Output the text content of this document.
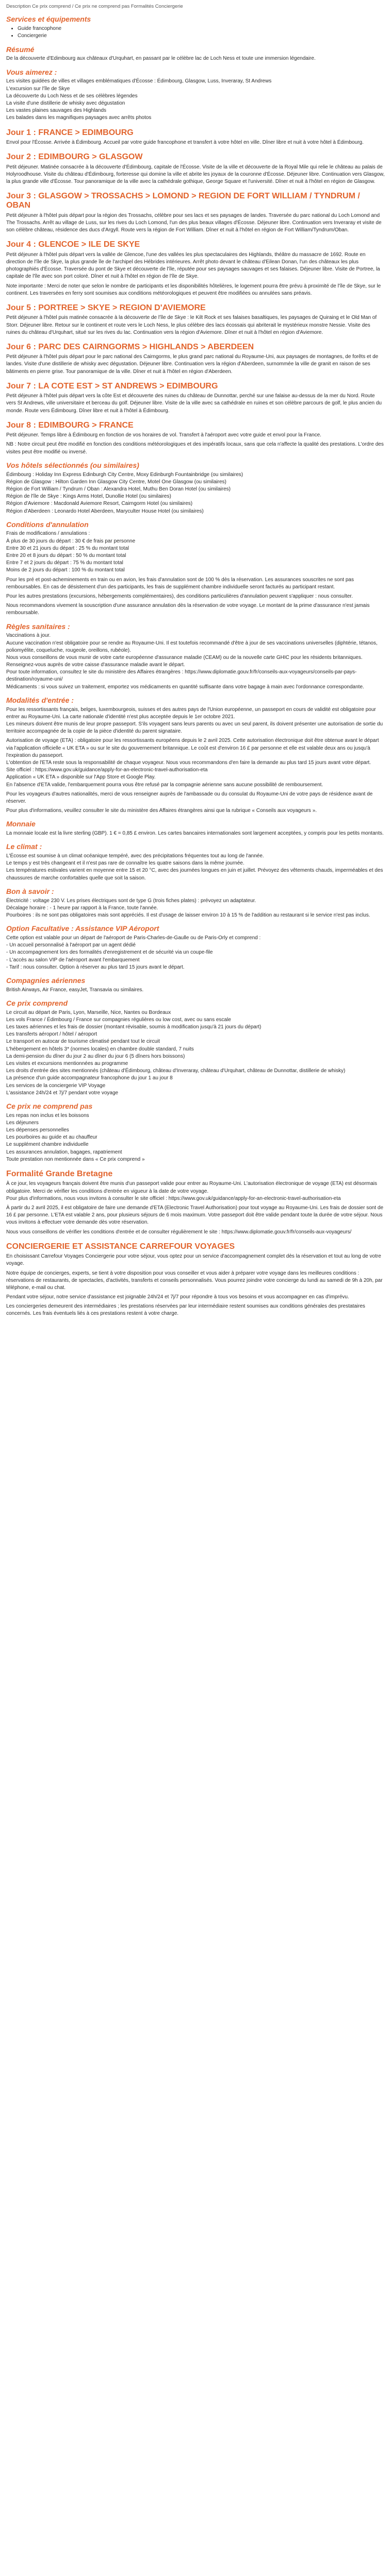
Description Ce prix comprend / Ce prix ne comprend pas Formalités Conciergerie
Services et équipements
• Guide francophone
• Conciergerie
Résumé

De la découverte d'Edimbourg aux châteaux d'Urquhart, en passant par le célèbre lac de Loch Ness et toute une immersion légendaire.

Vous aimerez :

Les visites guidées de villes et villages emblématiques d'Écosse : Édimbourg, Glasgow, Luss, Inveraray, St Andrews
L'excursion sur l'île de Skye
La découverte du Loch Ness et de ses célèbres légendes
La visite d'une distillerie de whisky avec dégustation
Les vastes plaines sauvages des Highlands
Les balades dans les magnifiques paysages avec arrêts photos

Jour 1 : FRANCE > EDIMBOURG

Envol pour l'Écosse. Arrivée à Édimbourg. Accueil par votre guide francophone et transfert à votre hôtel en ville. Dîner libre et nuit à votre hôtel à Édimbourg.

Jour 2 : EDIMBOURG > GLASGOW

Petit déjeuner. Matinée consacrée à la découverte d'Édimbourg, capitale de l'Écosse. Visite de la ville et découverte de la Royal Mile qui relie le château au palais de Holyroodhouse. Visite du château d'Édimbourg, forteresse qui domine la ville et abrite les joyaux de la couronne d'Écosse. Déjeuner libre. Continuation vers Glasgow, la plus grande ville d'Écosse. Tour panoramique de la ville avec la cathédrale gothique, George Square et l'université. Dîner et nuit à l'hôtel en région de Glasgow.

Jour 3 : GLASGOW > TROSSACHS > LOMOND > REGION DE FORT WILLIAM / TYNDRUM / OBAN

Petit déjeuner à l'hôtel puis départ pour la région des Trossachs, célèbre pour ses lacs et ses paysages de landes. Traversée du parc national du Loch Lomond and The Trossachs. Arrêt au village de Luss, sur les rives du Loch Lomond, l'un des plus beaux villages d'Écosse. Déjeuner libre. Continuation vers Inveraray et visite de son célèbre château, résidence des ducs d'Argyll. Route vers la région de Fort William. Dîner et nuit à l'hôtel en région de Fort William/Tyndrum/Oban.

Jour 4 : GLENCOE > ILE DE SKYE

Petit déjeuner à l'hôtel puis départ vers la vallée de Glencoe, l'une des vallées les plus spectaculaires des Highlands, théâtre du massacre de 1692. Route en direction de l'île de Skye, la plus grande île de l'archipel des Hébrides intérieures. Arrêt photo devant le château d'Eilean Donan, l'un des châteaux les plus photographiés d'Écosse. Traversée du pont de Skye et découverte de l'île, réputée pour ses paysages sauvages et ses falaises. Déjeuner libre. Visite de Portree, la capitale de l'île avec son port coloré. Dîner et nuit à l'hôtel en région de l'île de Skye.

Note importante : Merci de noter que selon le nombre de participants et les disponibilités hôtelières, le logement pourra être prévu à proximité de l'île de Skye, sur le continent. Les traversées en ferry sont soumises aux conditions météorologiques et peuvent être modifiées ou annulées sans préavis.

Jour 5 : PORTREE > SKYE > REGION D'AVIEMORE

Petit déjeuner à l'hôtel puis matinée consacrée à la découverte de l'île de Skye : le Kilt Rock et ses falaises basaltiques, les paysages de Quiraing et le Old Man of Storr. Déjeuner libre. Retour sur le continent et route vers le Loch Ness, le plus célèbre des lacs écossais qui abriterait le mystérieux monstre Nessie. Visite des ruines du château d'Urquhart, situé sur les rives du lac. Continuation vers la région d'Aviemore. Dîner et nuit à l'hôtel en région d'Aviemore.

Jour 6 : PARC DES CAIRNGORMS > HIGHLANDS > ABERDEEN

Petit déjeuner à l'hôtel puis départ pour le parc national des Cairngorms, le plus grand parc national du Royaume-Uni, aux paysages de montagnes, de forêts et de landes. Visite d'une distillerie de whisky avec dégustation. Déjeuner libre. Continuation vers la région d'Aberdeen, surnommée la ville de granit en raison de ses bâtiments en pierre grise. Tour panoramique de la ville. Dîner et nuit à l'hôtel en région d'Aberdeen.

Jour 7 : LA COTE EST > ST ANDREWS > EDIMBOURG

Petit déjeuner à l'hôtel puis départ vers la côte Est et découverte des ruines du château de Dunnottar, perché sur une falaise au-dessus de la mer du Nord. Route vers St Andrews, ville universitaire et berceau du golf. Déjeuner libre. Visite de la ville avec sa cathédrale en ruines et son célèbre parcours de golf, le plus ancien du monde. Route vers Édimbourg. Dîner libre et nuit à l'hôtel à Édimbourg.

Jour 8 : EDIMBOURG > FRANCE

Petit déjeuner. Temps libre à Édimbourg en fonction de vos horaires de vol. Transfert à l'aéroport avec votre guide et envol pour la France.

NB : Notre circuit peut être modifié en fonction des conditions météorologiques et des impératifs locaux, sans que cela n'affecte la qualité des prestations. L'ordre des visites peut être modifié ou inversé.

Vos hôtels sélectionnés (ou similaires)

Édimbourg : Holiday Inn Express Edinburgh City Centre, Moxy Edinburgh Fountainbridge (ou similaires)
Région de Glasgow : Hilton Garden Inn Glasgow City Centre, Motel One Glasgow (ou similaires)
Région de Fort William / Tyndrum / Oban : Alexandra Hotel, Muthu Ben Doran Hotel (ou similaires)
Région de l'île de Skye : Kings Arms Hotel, Dunollie Hotel (ou similaires)
Région d'Aviemore : Macdonald Aviemore Resort, Cairngorm Hotel (ou similaires)
Région d'Aberdeen : Leonardo Hotel Aberdeen, Maryculter House Hotel (ou similaires)

Conditions d'annulation

Frais de modifications / annulations :
À plus de 30 jours du départ : 30 € de frais par personne
Entre 30 et 21 jours du départ : 25 % du montant total
Entre 20 et 8 jours du départ : 50 % du montant total
Entre 7 et 2 jours du départ : 75 % du montant total
Moins de 2 jours du départ : 100 % du montant total

Pour les pré et post-acheminements en train ou en avion, les frais d'annulation sont de 100 % dès la réservation. Les assurances souscrites ne sont pas remboursables. En cas de désistement d'un des participants, les frais de supplément chambre individuelle seront facturés au participant restant.

Pour les autres prestations (excursions, hébergements complémentaires), des conditions particulières d'annulation peuvent s'appliquer : nous consulter.

Nous recommandons vivement la souscription d'une assurance annulation dès la réservation de votre voyage. Le montant de la prime d'assurance n'est jamais remboursable.

Règles sanitaires :

Vaccinations à jour.
Aucune vaccination n'est obligatoire pour se rendre au Royaume-Uni. Il est toutefois recommandé d'être à jour de ses vaccinations universelles (diphtérie, tétanos, poliomyélite, coqueluche, rougeole, oreillons, rubéole).
Nous vous conseillons de vous munir de votre carte européenne d'assurance maladie (CEAM) ou de la nouvelle carte GHIC pour les résidents britanniques. Renseignez-vous auprès de votre caisse d'assurance maladie avant le départ.
Pour toute information, consultez le site du ministère des Affaires étrangères : https://www.diplomatie.gouv.fr/fr/conseils-aux-voyageurs/conseils-par-pays-destination/royaume-uni/
Médicaments : si vous suivez un traitement, emportez vos médicaments en quantité suffisante dans votre bagage à main avec l'ordonnance correspondante.

Modalités d'entrée :

Pour les ressortissants français, belges, luxembourgeois, suisses et des autres pays de l'Union européenne, un passeport en cours de validité est obligatoire pour entrer au Royaume-Uni. La carte nationale d'identité n'est plus acceptée depuis le 1er octobre 2021.
Les mineurs doivent être munis de leur propre passeport. S'ils voyagent sans leurs parents ou avec un seul parent, ils doivent présenter une autorisation de sortie du territoire accompagnée de la copie de la pièce d'identité du parent signataire.

Autorisation de voyage (ETA) : obligatoire pour les ressortissants européens depuis le 2 avril 2025. Cette autorisation électronique doit être obtenue avant le départ via l'application officielle « UK ETA » ou sur le site du gouvernement britannique. Le coût est d'environ 16 £ par personne et elle est valable deux ans ou jusqu'à l'expiration du passeport.
L'obtention de l'ETA reste sous la responsabilité de chaque voyageur. Nous vous recommandons d'en faire la demande au plus tard 15 jours avant votre départ.
Site officiel : https://www.gov.uk/guidance/apply-for-an-electronic-travel-authorisation-eta
Application « UK ETA » disponible sur l'App Store et Google Play.
En l'absence d'ETA valide, l'embarquement pourra vous être refusé par la compagnie aérienne sans aucune possibilité de remboursement.

Pour les voyageurs d'autres nationalités, merci de vous renseigner auprès de l'ambassade ou du consulat du Royaume-Uni de votre pays de résidence avant de réserver.

Pour plus d'informations, veuillez consulter le site du ministère des Affaires étrangères ainsi que la rubrique « Conseils aux voyageurs ».

Monnaie

La monnaie locale est la livre sterling (GBP). 1 € = 0,85 £ environ. Les cartes bancaires internationales sont largement acceptées, y compris pour les petits montants.

Le climat :

L'Écosse est soumise à un climat océanique tempéré, avec des précipitations fréquentes tout au long de l'année.
Le temps y est très changeant et il n'est pas rare de connaître les quatre saisons dans la même journée.
Les températures estivales varient en moyenne entre 15 et 20 °C, avec des journées longues en juin et juillet. Prévoyez des vêtements chauds, imperméables et des chaussures de marche confortables quelle que soit la saison.

Bon à savoir :

Électricité : voltage 230 V. Les prises électriques sont de type G (trois fiches plates) : prévoyez un adaptateur.
Décalage horaire : - 1 heure par rapport à la France, toute l'année.
Pourboires : ils ne sont pas obligatoires mais sont appréciés. Il est d'usage de laisser environ 10 à 15 % de l'addition au restaurant si le service n'est pas inclus.

Option Facultative : Assistance VIP Aéroport

Cette option est valable pour un départ de l'aéroport de Paris-Charles-de-Gaulle ou de Paris-Orly et comprend :
- Un accueil personnalisé à l'aéroport par un agent dédié
- Un accompagnement lors des formalités d'enregistrement et de sécurité via un coupe-file
- L'accès au salon VIP de l'aéroport avant l'embarquement
- Tarif : nous consulter. Option à réserver au plus tard 15 jours avant le départ.

Compagnies aériennes

British Airways, Air France, easyJet, Transavia ou similaires.

Ce prix comprend

Le circuit au départ de Paris, Lyon, Marseille, Nice, Nantes ou Bordeaux
Les vols France / Édimbourg / France sur compagnies régulières ou low cost, avec ou sans escale
Les taxes aériennes et les frais de dossier (montant révisable, soumis à modification jusqu'à 21 jours du départ)
Les transferts aéroport / hôtel / aéroport
Le transport en autocar de tourisme climatisé pendant tout le circuit
L'hébergement en hôtels 3* (normes locales) en chambre double standard, 7 nuits
La demi-pension du dîner du jour 2 au dîner du jour 6 (5 dîners hors boissons)
Les visites et excursions mentionnées au programme
Les droits d'entrée des sites mentionnés (château d'Édimbourg, château d'Inveraray, château d'Urquhart, château de Dunnottar, distillerie de whisky)
La présence d'un guide accompagnateur francophone du jour 1 au jour 8
Les services de la conciergerie VIP Voyage
L'assistance 24h/24 et 7j/7 pendant votre voyage

Ce prix ne comprend pas

Les repas non inclus et les boissons
Les déjeuners
Les dépenses personnelles
Les pourboires au guide et au chauffeur
Le supplément chambre individuelle
Les assurances annulation, bagages, rapatriement
Toute prestation non mentionnée dans « Ce prix comprend »

Formalité Grande Bretagne

À ce jour, les voyageurs français doivent être munis d'un passeport valide pour entrer au Royaume-Uni. L'autorisation électronique de voyage (ETA) est désormais obligatoire. Merci de vérifier les conditions d'entrée en vigueur à la date de votre voyage.
Pour plus d'informations, nous vous invitons à consulter le site officiel : https://www.gov.uk/guidance/apply-for-an-electronic-travel-authorisation-eta

À partir du 2 avril 2025, il est obligatoire de faire une demande d'ETA (Electronic Travel Authorisation) pour tout voyage au Royaume-Uni. Les frais de dossier sont de 16 £ par personne. L'ETA est valable 2 ans, pour plusieurs séjours de 6 mois maximum. Votre passeport doit être valide pendant toute la durée de votre séjour. Nous vous invitons à effectuer votre demande dès votre réservation.

Nous vous conseillons de vérifier les conditions d'entrée et de consulter régulièrement le site : https://www.diplomatie.gouv.fr/fr/conseils-aux-voyageurs/

CONCIERGERIE ET ASSISTANCE CARREFOUR VOYAGES

En choisissant Carrefour Voyages Conciergerie pour votre séjour, vous optez pour un service d'accompagnement complet dès la réservation et tout au long de votre voyage.

Notre équipe de concierges, experts, se tient à votre disposition pour vous conseiller et vous aider à préparer votre voyage dans les meilleures conditions : réservations de restaurants, de spectacles, d'activités, transferts et conseils personnalisés. Vous pourrez joindre votre concierge du lundi au samedi de 9h à 20h, par téléphone, e-mail ou chat.

Pendant votre séjour, notre service d'assistance est joignable 24h/24 et 7j/7 pour répondre à tous vos besoins et vous accompagner en cas d'imprévu.

Les conciergeries demeurent des intermédiaires ; les prestations réservées par leur intermédiaire restent soumises aux conditions générales des prestataires concernés. Les frais éventuels liés à ces prestations restent à votre charge.
